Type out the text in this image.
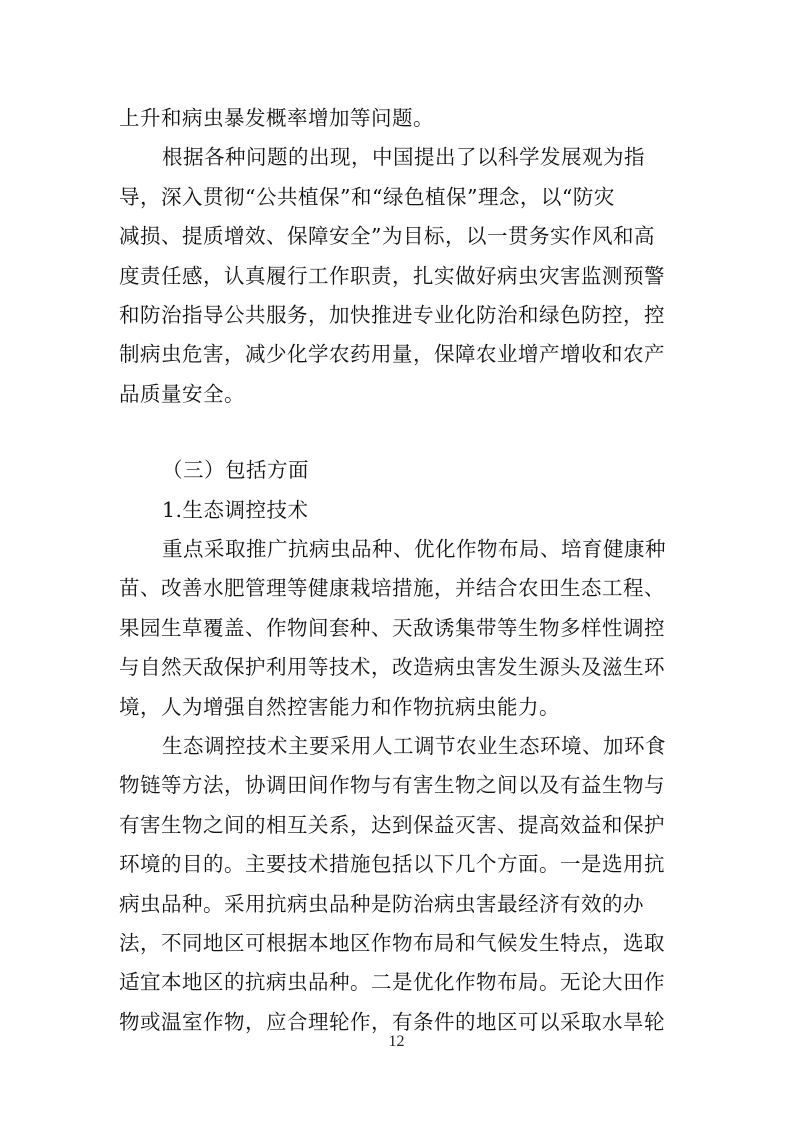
上升和病虫暴发概率增加等问题。
根据各种问题的出现，中国提出了以科学发展观为指
导，深入贯彻“公共植保”和“绿色植保”理念，以“防灾
减损、提质增效、保障安全”为目标，以一贯务实作风和高
度责任感，认真履行工作职责，扎实做好病虫灾害监测预警
和防治指导公共服务，加快推进专业化防治和绿色防控，控
制病虫危害，减少化学农药用量，保障农业增产增收和农产
品质量安全。
（三）包括方面
1.生态调控技术
重点采取推广抗病虫品种、优化作物布局、培育健康种
苗、改善水肥管理等健康栽培措施，并结合农田生态工程、
果园生草覆盖、作物间套种、天敌诱集带等生物多样性调控
与自然天敌保护利用等技术，改造病虫害发生源头及滋生环
境，人为增强自然控害能力和作物抗病虫能力。
生态调控技术主要采用人工调节农业生态环境、加环食
物链等方法，协调田间作物与有害生物之间以及有益生物与
有害生物之间的相互关系，达到保益灭害、提高效益和保护
环境的目的。主要技术措施包括以下几个方面。一是选用抗
病虫品种。采用抗病虫品种是防治病虫害最经济有效的办
法，不同地区可根据本地区作物布局和气候发生特点，选取
适宜本地区的抗病虫品种。二是优化作物布局。无论大田作
物或温室作物，应合理轮作，有条件的地区可以采取水旱轮
12
